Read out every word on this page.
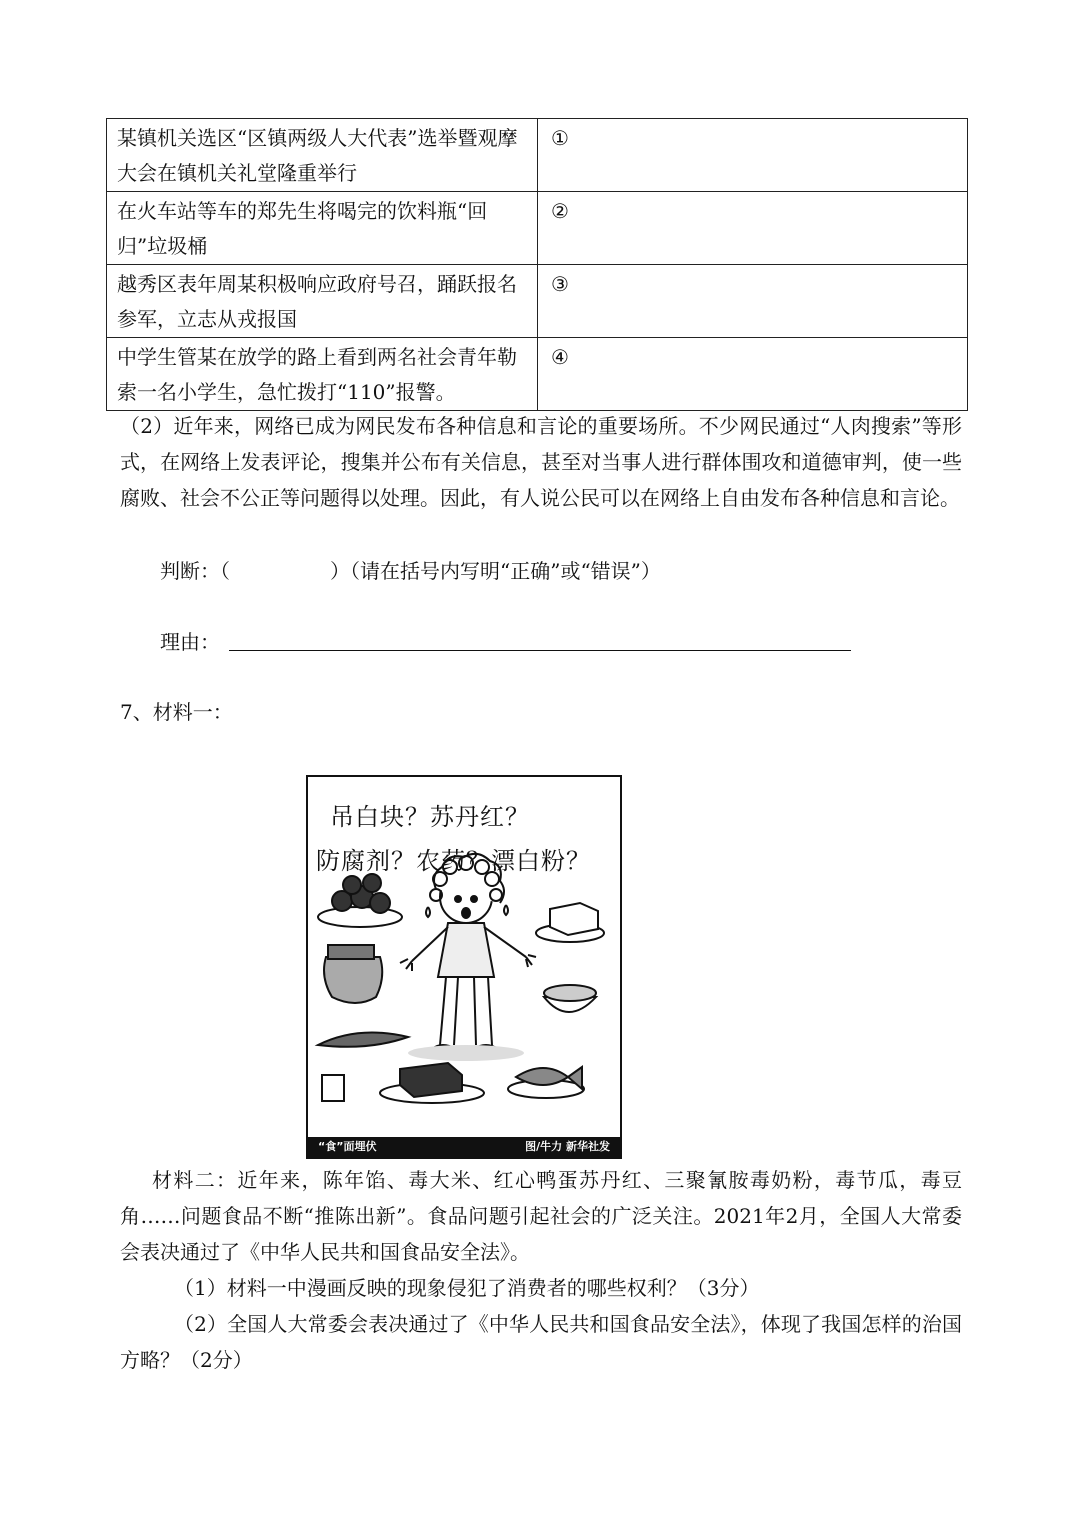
某镇机关选区“区镇两级人大代表”选举暨观摩大会在镇机关礼堂隆重举行	①
在火车站等车的郑先生将喝完的饮料瓶“回归”垃圾桶	②
越秀区表年周某积极响应政府号召，踊跃报名参军，立志从戎报国	③
中学生管某在放学的路上看到两名社会青年勒索一名小学生，急忙拨打“110”报警。	④
（2）近年来，网络已成为网民发布各种信息和言论的重要场所。不少网民通过“人肉搜索”等形式，在网络上发表评论，搜集并公布有关信息，甚至对当事人进行群体围攻和道德审判，使一些腐败、社会不公正等问题得以处理。因此，有人说公民可以在网络上自由发布各种信息和言论。
判断：（　　　　　）（请在括号内写明“正确”或“错误”）
理由：
7、材料一：
吊白块？苏丹红？
防腐剂？农药？漂白粉？
“食”面埋伏	图/牛力 新华社发
材料二：近年来，陈年馅、毒大米、红心鸭蛋苏丹红、三聚氰胺毒奶粉，毒节瓜，毒豆角……问题食品不断“推陈出新”。食品问题引起社会的广泛关注。2021年2月，全国人大常委会表决通过了《中华人民共和国食品安全法》。
（1）材料一中漫画反映的现象侵犯了消费者的哪些权利？（3分）
（2）全国人大常委会表决通过了《中华人民共和国食品安全法》，体现了我国怎样的治国方略？（2分）
